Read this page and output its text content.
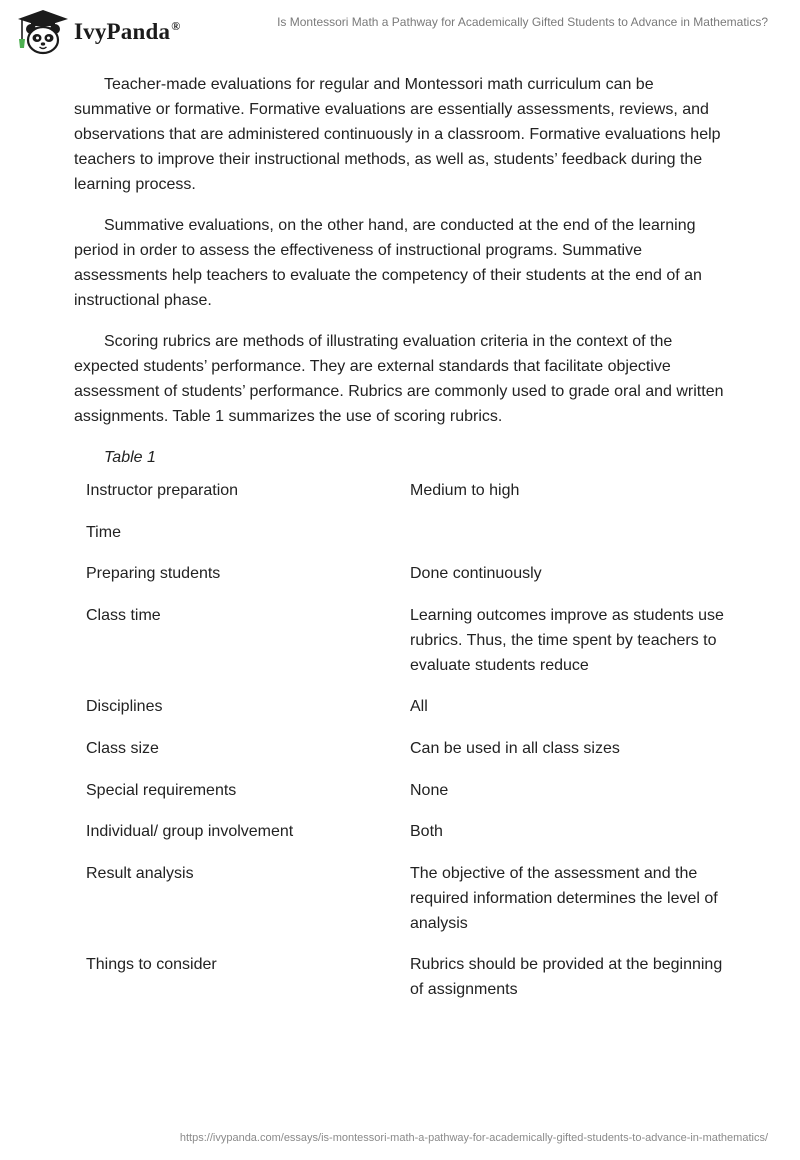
IvyPanda®	Is Montessori Math a Pathway for Academically Gifted Students to Advance in Mathematics?

Teacher-made evaluations for regular and Montessori math curriculum can be summative or formative. Formative evaluations are essentially assessments, reviews, and observations that are administered continuously in a classroom. Formative evaluations help teachers to improve their instructional methods, as well as, students’ feedback during the learning process.

Summative evaluations, on the other hand, are conducted at the end of the learning period in order to assess the effectiveness of instructional programs. Summative assessments help teachers to evaluate the competency of their students at the end of an instructional phase.

Scoring rubrics are methods of illustrating evaluation criteria in the context of the expected students’ performance. They are external standards that facilitate objective assessment of students’ performance. Rubrics are commonly used to grade oral and written assignments. Table 1 summarizes the use of scoring rubrics.

Table 1
Instructor preparation	Medium to high
Time	
Preparing students	Done continuously
Class time	Learning outcomes improve as students use rubrics. Thus, the time spent by teachers to evaluate students reduce
Disciplines	All
Class size	Can be used in all class sizes
Special requirements	None
Individual/ group involvement	Both
Result analysis	The objective of the assessment and the required information determines the level of analysis
Things to consider	Rubrics should be provided at the beginning of assignments
https://ivypanda.com/essays/is-montessori-math-a-pathway-for-academically-gifted-students-to-advance-in-mathematics/
